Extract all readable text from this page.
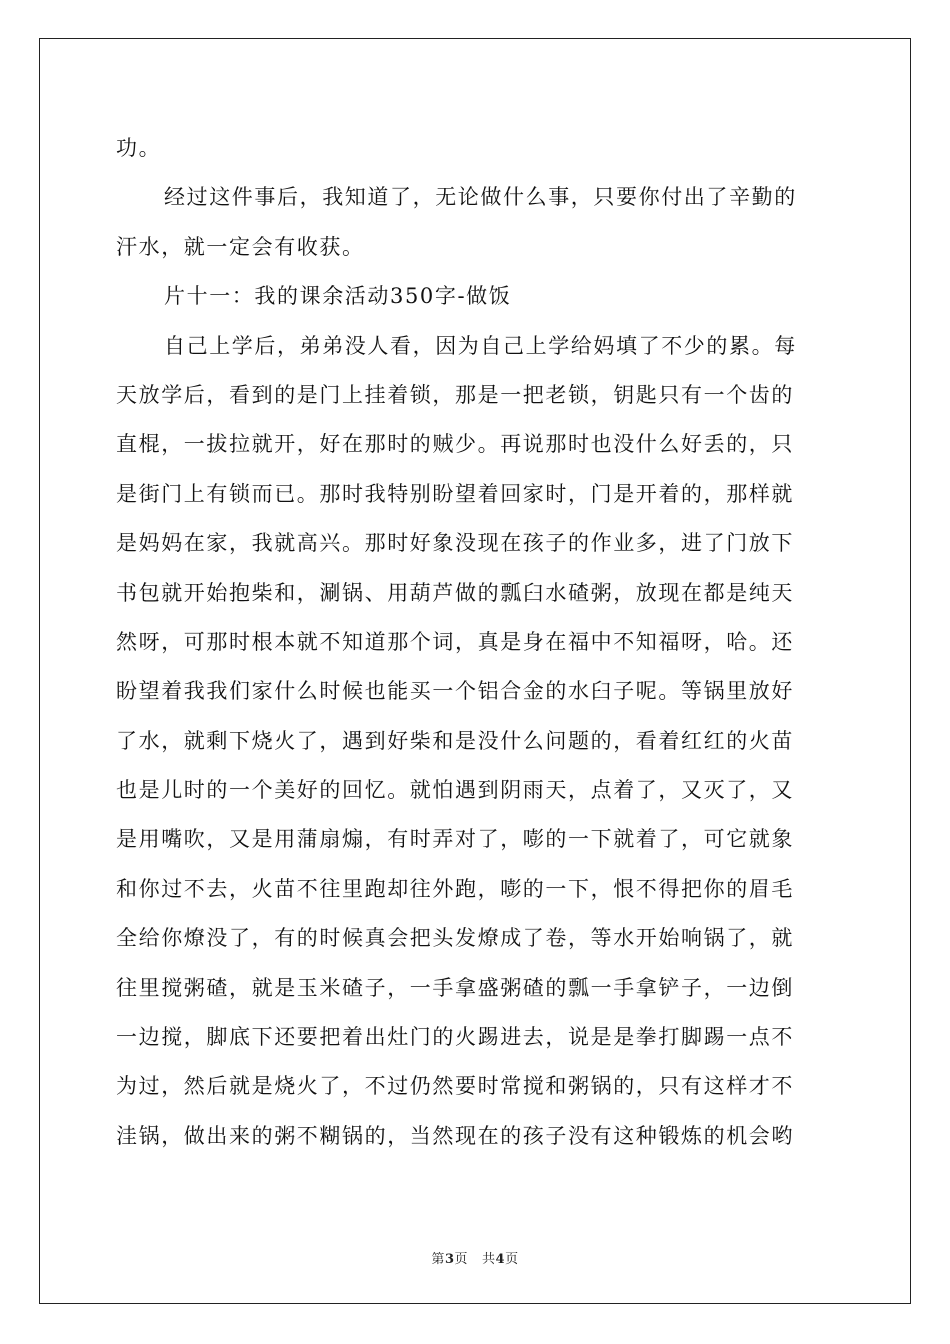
功。
经过这件事后，我知道了，无论做什么事，只要你付出了辛勤的
汗水，就一定会有收获。
片十一：我的课余活动350字-做饭
自己上学后，弟弟没人看，因为自己上学给妈填了不少的累。每
天放学后，看到的是门上挂着锁，那是一把老锁，钥匙只有一个齿的
直棍，一拔拉就开，好在那时的贼少。再说那时也没什么好丢的，只
是街门上有锁而已。那时我特别盼望着回家时，门是开着的，那样就
是妈妈在家，我就高兴。那时好象没现在孩子的作业多，进了门放下
书包就开始抱柴和，涮锅、用葫芦做的瓢臼水碴粥，放现在都是纯天
然呀，可那时根本就不知道那个词，真是身在福中不知福呀，哈。还
盼望着我我们家什么时候也能买一个铝合金的水臼子呢。等锅里放好
了水，就剩下烧火了，遇到好柴和是没什么问题的，看着红红的火苗
也是儿时的一个美好的回忆。就怕遇到阴雨天，点着了，又灭了，又
是用嘴吹，又是用蒲扇煽，有时弄对了，嘭的一下就着了，可它就象
和你过不去，火苗不往里跑却往外跑，嘭的一下，恨不得把你的眉毛
全给你燎没了，有的时候真会把头发燎成了卷，等水开始响锅了，就
往里搅粥碴，就是玉米碴子，一手拿盛粥碴的瓢一手拿铲子，一边倒
一边搅，脚底下还要把着出灶门的火踢进去，说是是拳打脚踢一点不
为过，然后就是烧火了，不过仍然要时常搅和粥锅的，只有这样才不
洼锅，做出来的粥不糊锅的，当然现在的孩子没有这种锻炼的机会哟
第3页 共4页
